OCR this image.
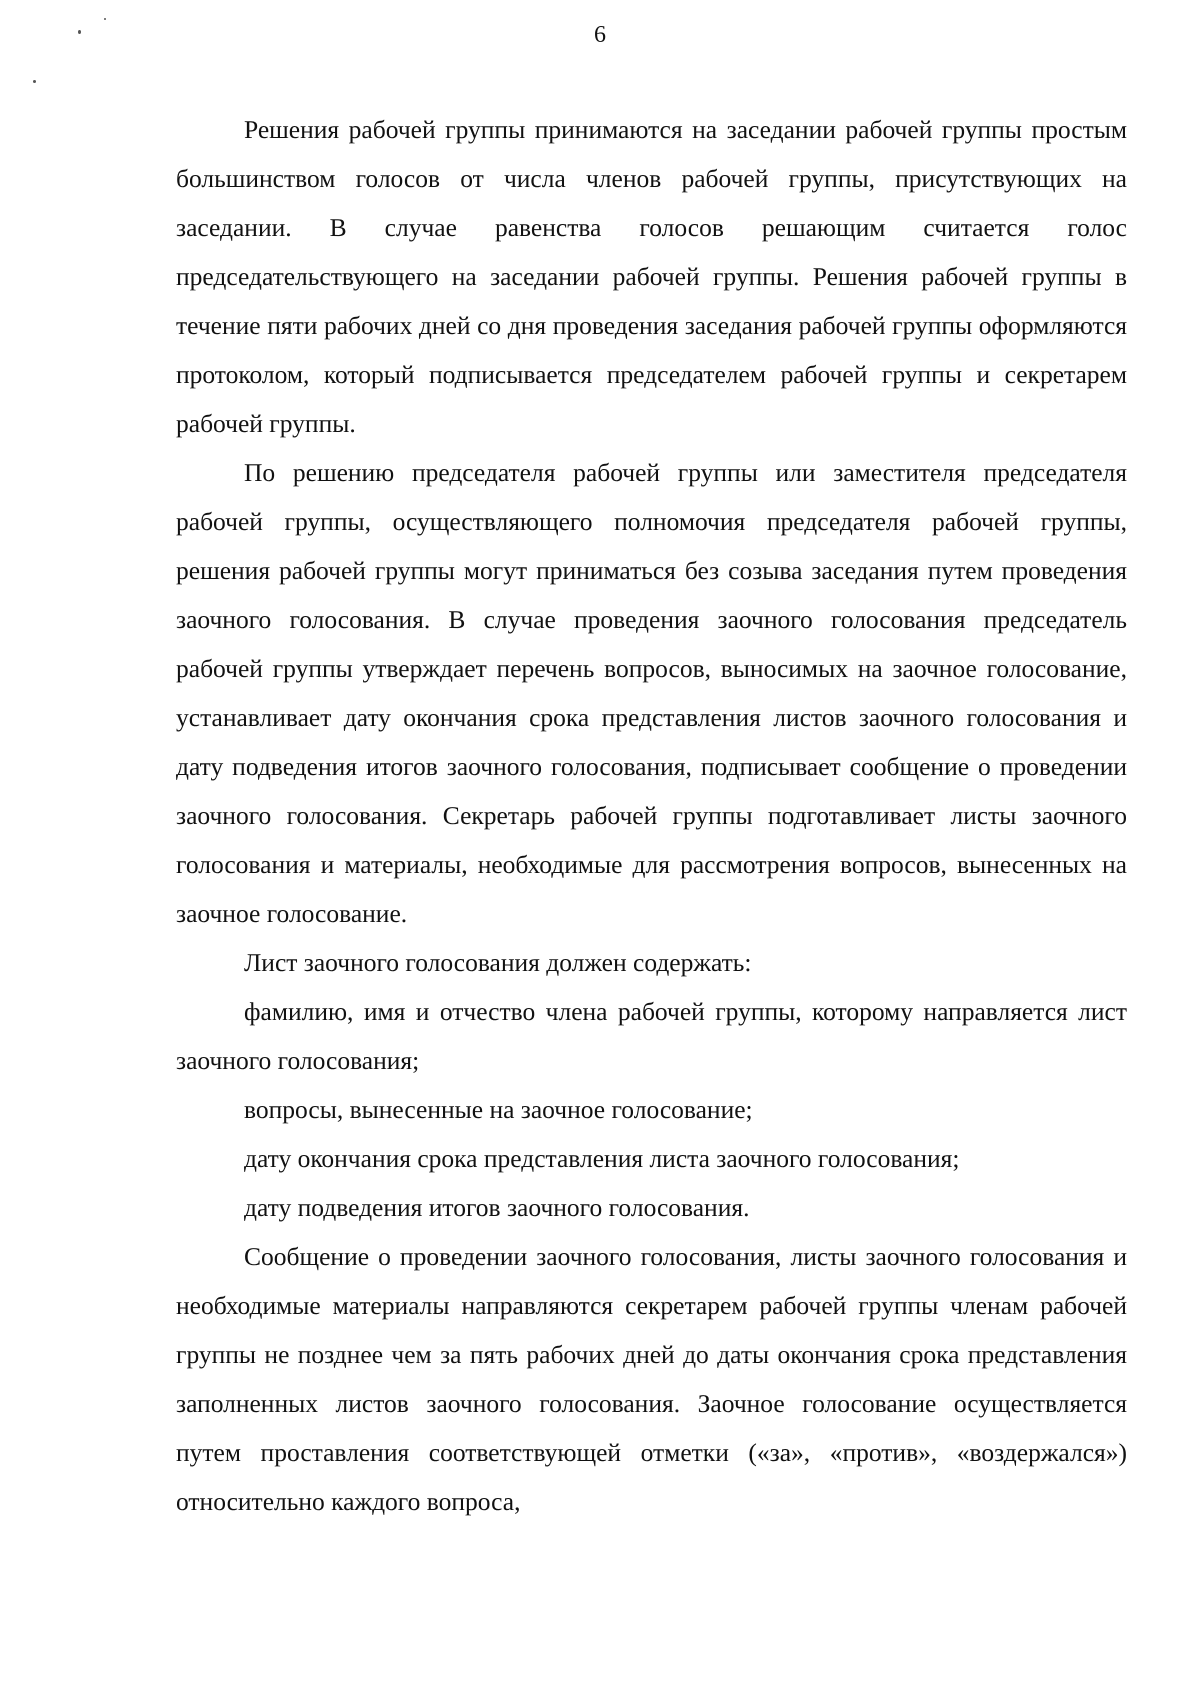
6

Решения рабочей группы принимаются на заседании рабочей группы простым большинством голосов от числа членов рабочей группы, присутствующих на заседании. В случае равенства голосов решающим считается голос председательствующего на заседании рабочей группы. Решения рабочей группы в течение пяти рабочих дней со дня проведения заседания рабочей группы оформляются протоколом, который подписывается председателем рабочей группы и секретарем рабочей группы.

По решению председателя рабочей группы или заместителя председателя рабочей группы, осуществляющего полномочия председателя рабочей группы, решения рабочей группы могут приниматься без созыва заседания путем проведения заочного голосования. В случае проведения заочного голосования председатель рабочей группы утверждает перечень вопросов, выносимых на заочное голосование, устанавливает дату окончания срока представления листов заочного голосования и дату подведения итогов заочного голосования, подписывает сообщение о проведении заочного голосования. Секретарь рабочей группы подготавливает листы заочного голосования и материалы, необходимые для рассмотрения вопросов, вынесенных на заочное голосование.

Лист заочного голосования должен содержать:

фамилию, имя и отчество члена рабочей группы, которому направляется лист заочного голосования;

вопросы, вынесенные на заочное голосование;

дату окончания срока представления листа заочного голосования;

дату подведения итогов заочного голосования.

Сообщение о проведении заочного голосования, листы заочного голосования и необходимые материалы направляются секретарем рабочей группы членам рабочей группы не позднее чем за пять рабочих дней до даты окончания срока представления заполненных листов заочного голосования. Заочное голосование осуществляется путем проставления соответствующей отметки («за», «против», «воздержался») относительно каждого вопроса,
